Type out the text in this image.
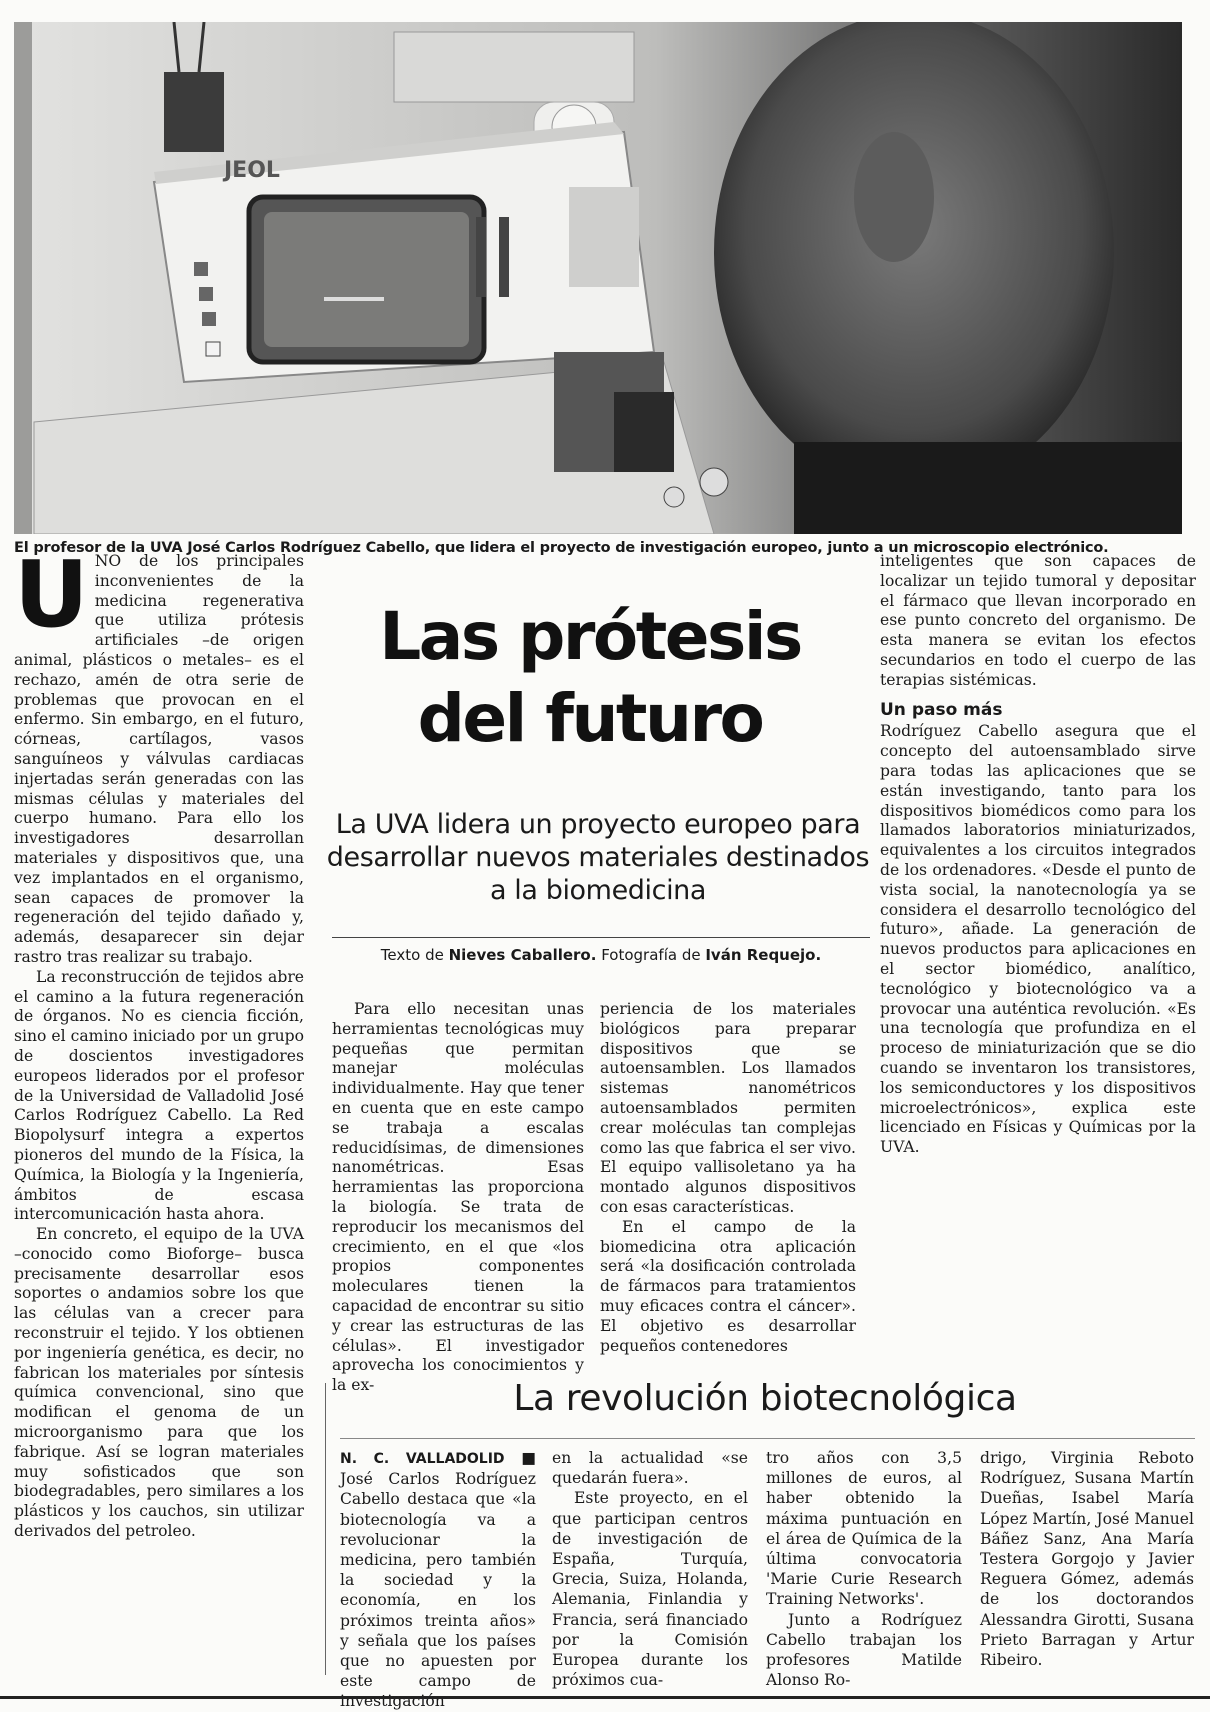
JEOL
El profesor de la UVA José Carlos Rodríguez Cabello, que lidera el proyecto de investigación europeo, junto a un microscopio electrónico.

UNO de los principales inconvenientes de la medicina regenerativa que utiliza prótesis artificiales –de origen animal, plásticos o metales– es el rechazo, amén de otra serie de problemas que provocan en el enfermo. Sin embargo, en el futuro, córneas, cartílagos, vasos sanguíneos y válvulas cardiacas injertadas serán generadas con las mismas células y materiales del cuerpo humano. Para ello los investigadores desarrollan materiales y dispositivos que, una vez implantados en el organismo, sean capaces de promover la regeneración del tejido dañado y, además, desaparecer sin dejar rastro tras realizar su trabajo.

La reconstrucción de tejidos abre el camino a la futura regeneración de órganos. No es ciencia ficción, sino el camino iniciado por un grupo de doscientos investigadores europeos liderados por el profesor de la Universidad de Valladolid José Carlos Rodríguez Cabello. La Red Biopolysurf integra a expertos pioneros del mundo de la Física, la Química, la Biología y la Ingeniería, ámbitos de escasa intercomunicación hasta ahora.

En concreto, el equipo de la UVA –conocido como Bioforge– busca precisamente desarrollar esos soportes o andamios sobre los que las células van a crecer para reconstruir el tejido. Y los obtienen por ingeniería genética, es decir, no fabrican los materiales por síntesis química convencional, sino que modifican el genoma de un microorganismo para que los fabrique. Así se logran materiales muy sofisticados que son biodegradables, pero similares a los plásticos y los cauchos, sin utilizar derivados del petroleo.

Las prótesis
del futuro
La UVA lidera un proyecto europeo para desarrollar nuevos materiales destinados a la biomedicina
Texto de Nieves Caballero. Fotografía de Iván Requejo.

Para ello necesitan unas herramientas tecnológicas muy pequeñas que permitan manejar moléculas individualmente. Hay que tener en cuenta que en este campo se trabaja a escalas reducidísimas, de dimensiones nanométricas. Esas herramientas las proporciona la biología. Se trata de reproducir los mecanismos del crecimiento, en el que «los propios componentes moleculares tienen la capacidad de encontrar su sitio y crear las estructuras de las células». El investigador aprovecha los conocimientos y la ex-

periencia de los materiales biológicos para preparar dispositivos que se autoensamblen. Los llamados sistemas nanométricos autoensamblados permiten crear moléculas tan complejas como las que fabrica el ser vivo. El equipo vallisoletano ya ha montado algunos dispositivos con esas características.

En el campo de la biomedicina otra aplicación será «la dosificación controlada de fármacos para tratamientos muy eficaces contra el cáncer». El objetivo es desarrollar pequeños contenedores

inteligentes que son capaces de localizar un tejido tumoral y depositar el fármaco que llevan incorporado en ese punto concreto del organismo. De esta manera se evitan los efectos secundarios en todo el cuerpo de las terapias sistémicas.

Un paso más

Rodríguez Cabello asegura que el concepto del autoensamblado sirve para todas las aplicaciones que se están investigando, tanto para los dispositivos biomédicos como para los llamados laboratorios miniaturizados, equivalentes a los circuitos integrados de los ordenadores. «Desde el punto de vista social, la nanotecnología ya se considera el desarrollo tecnológico del futuro», añade. La generación de nuevos productos para aplicaciones en el sector biomédico, analítico, tecnológico y biotecnológico va a provocar una auténtica revolución. «Es una tecnología que profundiza en el proceso de miniaturización que se dio cuando se inventaron los transistores, los semiconductores y los dispositivos microelectrónicos», explica este licenciado en Físicas y Químicas por la UVA.

La revolución biotecnológica

N. C. VALLADOLID ■ José Carlos Rodríguez Cabello destaca que «la biotecnología va a revolucionar la medicina, pero también la sociedad y la economía, en los próximos treinta años» y señala que los países que no apuesten por este campo de investigación

en la actualidad «se quedarán fuera».

Este proyecto, en el que participan centros de investigación de España, Turquía, Grecia, Suiza, Holanda, Alemania, Finlandia y Francia, será financiado por la Comisión Europea durante los próximos cua-

tro años con 3,5 millones de euros, al haber obtenido la máxima puntuación en el área de Química de la última convocatoria 'Marie Curie Research Training Networks'.

Junto a Rodríguez Cabello trabajan los profesores Matilde Alonso Ro-

drigo, Virginia Reboto Rodríguez, Susana Martín Dueñas, Isabel María López Martín, José Manuel Báñez Sanz, Ana María Testera Gorgojo y Javier Reguera Gómez, además de los doctorandos Alessandra Girotti, Susana Prieto Barragan y Artur Ribeiro.
